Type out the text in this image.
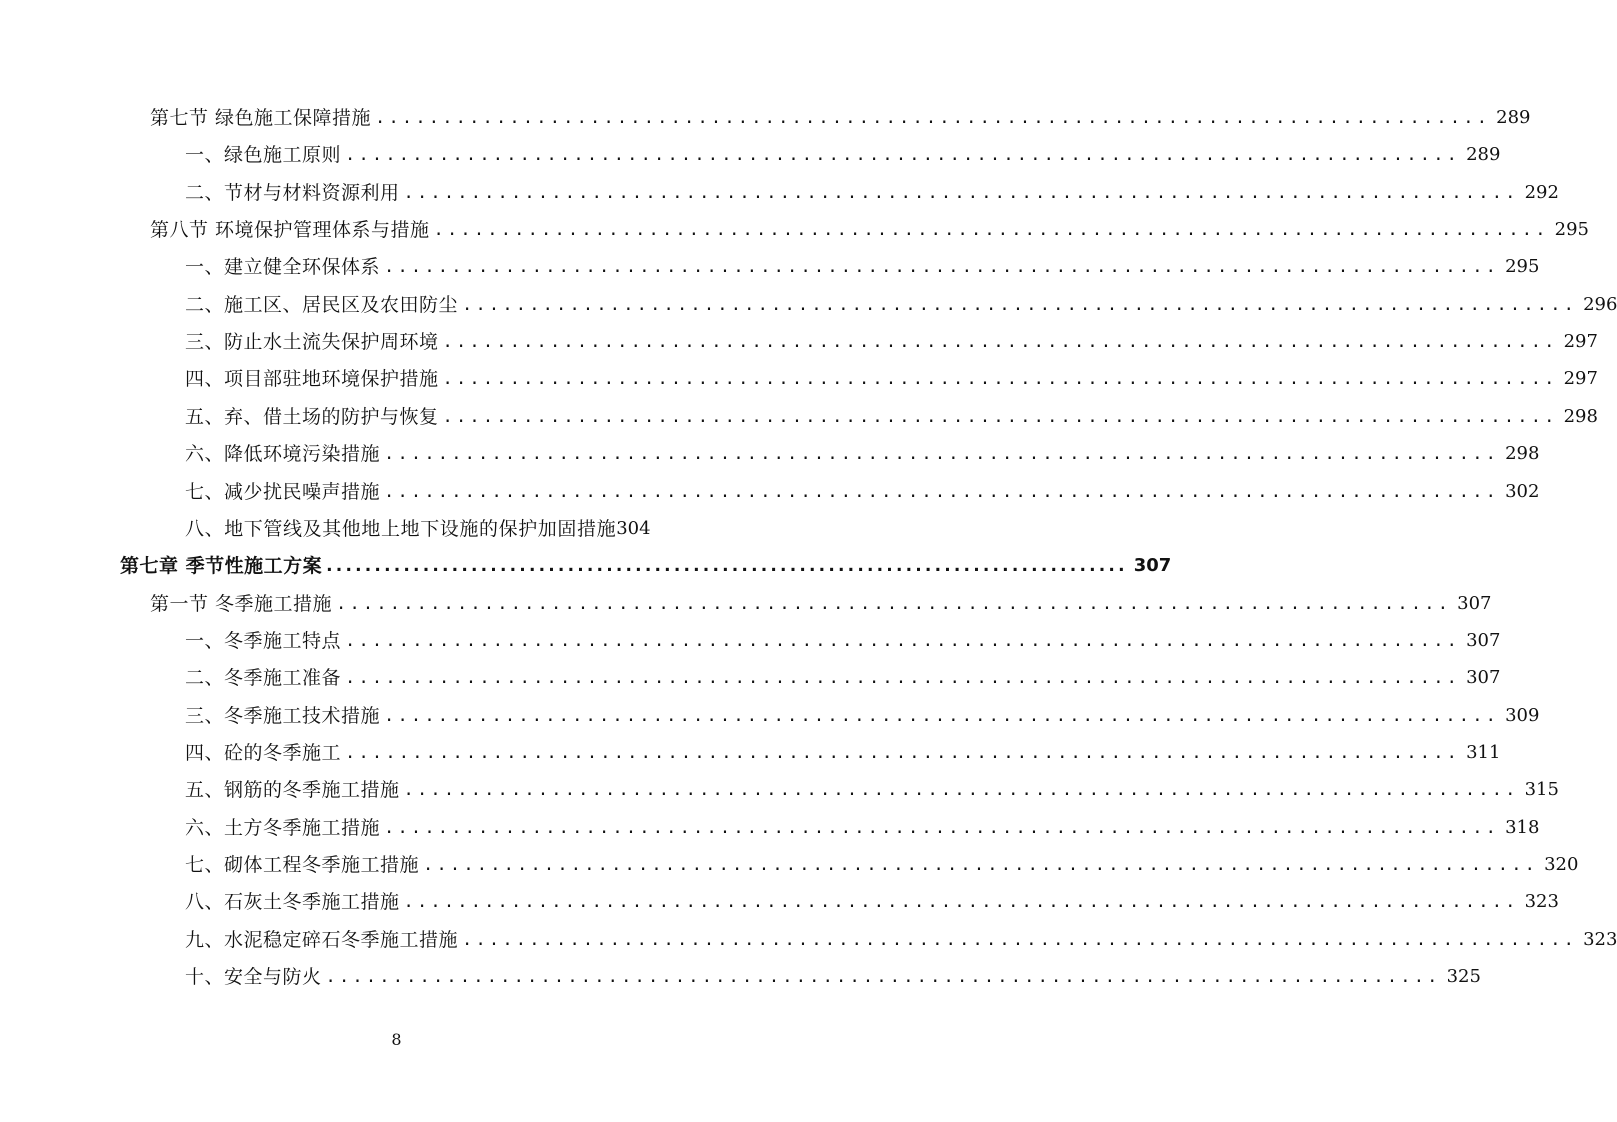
第七节 绿色施工保障措施 ................................................................................... 289
一、绿色施工原则 ................................................................................... 289
二、节材与材料资源利用 ................................................................................... 292
第八节 环境保护管理体系与措施 ................................................................................... 295
一、建立健全环保体系 ................................................................................... 295
二、施工区、居民区及农田防尘 ................................................................................... 296
三、防止水土流失保护周环境 ................................................................................... 297
四、项目部驻地环境保护措施 ................................................................................... 297
五、弃、借土场的防护与恢复 ................................................................................... 298
六、降低环境污染措施 ................................................................................... 298
七、减少扰民噪声措施 ................................................................................... 302
八、地下管线及其他地上地下设施的保护加固措施 304
第七章 季节性施工方案 ................................................................................... 307
第一节 冬季施工措施 ................................................................................... 307
一、冬季施工特点 ................................................................................... 307
二、冬季施工准备 ................................................................................... 307
三、冬季施工技术措施 ................................................................................... 309
四、砼的冬季施工 ................................................................................... 311
五、钢筋的冬季施工措施 ................................................................................... 315
六、土方冬季施工措施 ................................................................................... 318
七、砌体工程冬季施工措施 ................................................................................... 320
八、石灰土冬季施工措施 ................................................................................... 323
九、水泥稳定碎石冬季施工措施 ................................................................................... 323
十、安全与防火 ................................................................................... 325
8
